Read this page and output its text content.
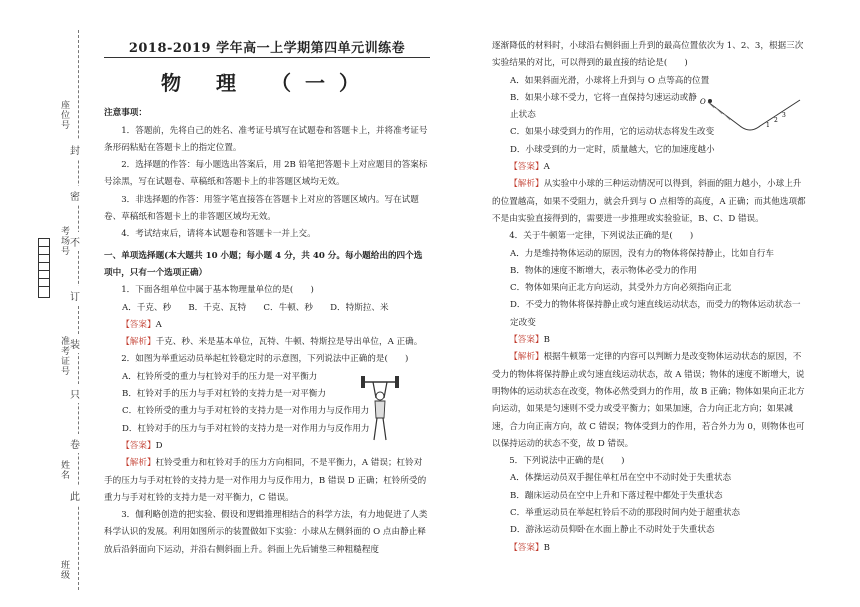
封
密
不
订
装
只
卷
此
座位号
考场号
准考证号
姓名
班级

2018-2019 学年高一上学期第四单元训练卷

物 理 （一）

注意事项：

1．答题前，先将自己的姓名、准考证号填写在试题卷和答题卡上，并将准考证号条形码粘贴在答题卡上的指定位置。

2．选择题的作答：每小题选出答案后，用 2B 铅笔把答题卡上对应题目的答案标号涂黑，写在试题卷、草稿纸和答题卡上的非答题区域均无效。

3．非选择题的作答：用签字笔直接答在答题卡上对应的答题区域内。写在试题卷、草稿纸和答题卡上的非答题区域均无效。

4．考试结束后，请将本试题卷和答题卡一并上交。

一、单项选择题(本大题共 10 小题；每小题 4 分，共 40 分。每小题给出的四个选项中，只有一个选项正确）

1．下面各组单位中属于基本物理量单位的是(　　)

A．千克、秒　　B．千克、瓦特　　C．牛顿、秒　　D．特斯拉、米

【答案】A

【解析】千克、秒、米是基本单位，瓦特、牛顿、特斯拉是导出单位，A 正确。

2．如图为举重运动员举起杠铃稳定时的示意图，下列说法中正确的是(　　)

A．杠铃所受的重力与杠铃对手的压力是一对平衡力

B．杠铃对手的压力与手对杠铃的支持力是一对平衡力

C．杠铃所受的重力与手对杠铃的支持力是一对作用力与反作用力

D．杠铃对手的压力与手对杠铃的支持力是一对作用力与反作用力

【答案】D

【解析】杠铃受重力和杠铃对手的压力方向相同，不是平衡力，A 错误；杠铃对手的压力与手对杠铃的支持力是一对作用力与反作用力，B 错误 D 正确；杠铃所受的重力与手对杠铃的支持力是一对平衡力，C 错误。

3．伽利略创造的把实验、假设和逻辑推理相结合的科学方法，有力地促进了人类科学认识的发展。利用如图所示的装置做如下实验：小球从左侧斜面的 O 点由静止释放后沿斜面向下运动，并沿右侧斜面上升。斜面上先后铺垫三种粗糙程度

逐渐降低的材料时，小球沿右侧斜面上升到的最高位置依次为 1、2、3，根据三次实验结果的对比，可以得到的最直接的结论是(　　)

A．如果斜面光滑，小球将上升到与 O 点等高的位置

B．如果小球不受力，它将一直保持匀速运动或静止状态

C．如果小球受到力的作用，它的运动状态将发生改变

D．小球受到的力一定时，质量越大，它的加速度越小

【答案】A

【解析】从实验中小球的三种运动情况可以得到，斜面的阻力越小，小球上升的位置越高，如果不受阻力，就会升到与 O 点相等的高度，A 正确；而其他选项都不是由实验直接得到的，需要进一步推理或实验验证，B、C、D 错误。

4．关于牛顿第一定律，下列说法正确的是(　　)

A．力是维持物体运动的原因，没有力的物体将保持静止，比如自行车

B．物体的速度不断增大，表示物体必受力的作用

C．物体如果向正北方向运动，其受外力方向必须指向正北

D．不受力的物体将保持静止或匀速直线运动状态，而受力的物体运动状态一定改变

【答案】B

【解析】根据牛顿第一定律的内容可以判断力是改变物体运动状态的原因，不受力的物体将保持静止或匀速直线运动状态，故 A 错误；物体的速度不断增大，说明物体的运动状态在改变，物体必然受到力的作用，故 B 正确；物体如果向正北方向运动，如果是匀速则不受力或受平衡力；如果加速，合力向正北方向；如果减速，合力向正南方向，故 C 错误；物体受到力的作用，若合外力为 0，则物体也可以保持运动的状态不变，故 D 错误。

5．下列说法中正确的是(　　)

A．体操运动员双手握住单杠吊在空中不动时处于失重状态

B．蹦床运动员在空中上升和下落过程中都处于失重状态

C．举重运动员在举起杠铃后不动的那段时间内处于超重状态

D．游泳运动员仰卧在水面上静止不动时处于失重状态

【答案】B

O
1
2
3
